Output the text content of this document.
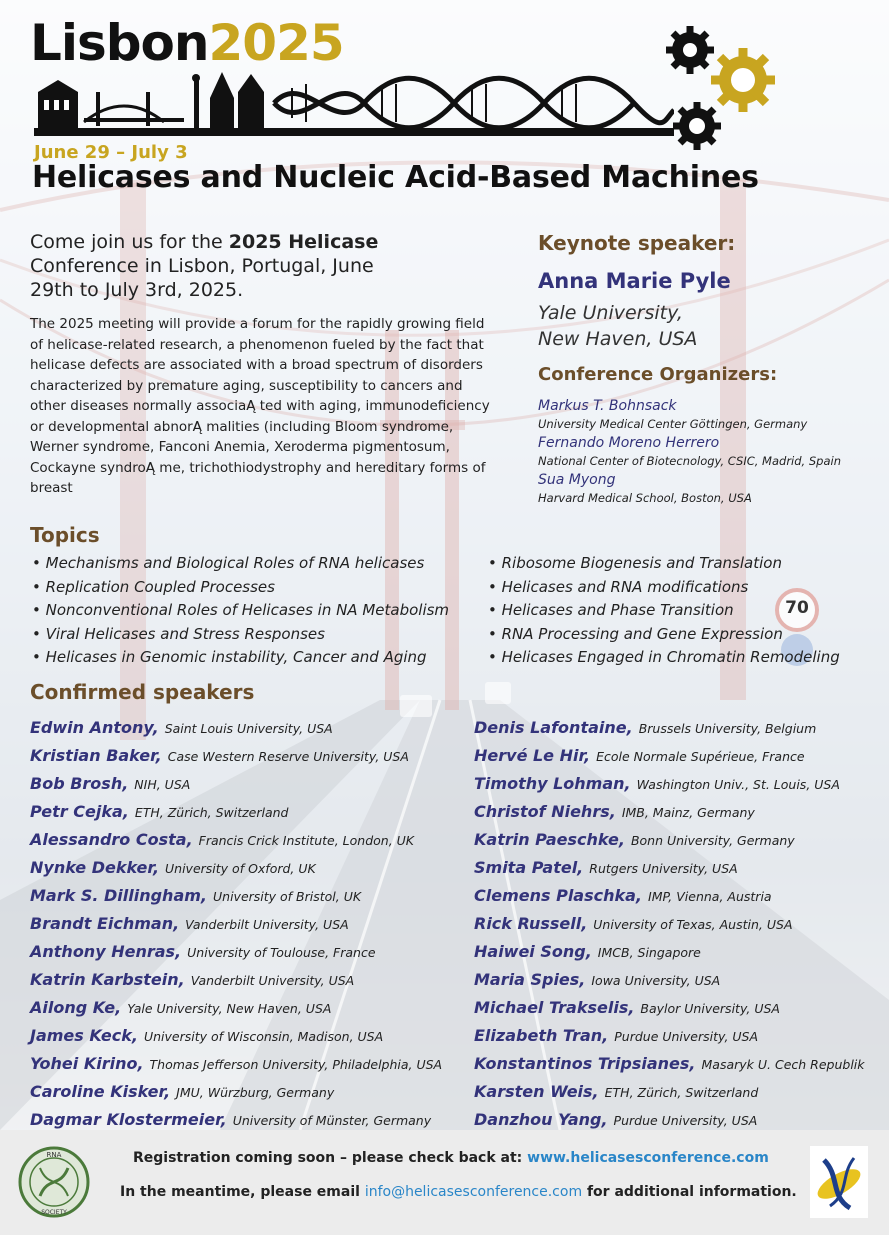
70
Lisbon2025
June 29 – July 3
Helicases and Nucleic Acid-Based Machines
Come join us for the 2025 Helicase Conference in Lisbon, Portugal, June 29th to July 3rd, 2025.
The 2025 meeting will provide a forum for the rapidly growing field of helicase-related research, a phenomenon fueled by the fact that helicase defects are associated with a broad spectrum of disorders characterized by premature aging, susceptibility to cancers and other diseases normally associaĄ ted with aging, immunodeficiency or developmental abnorĄ malities (including Bloom syndrome, Werner syndrome, Fanconi Anemia, Xeroderma pigmentosum, Cockayne syndroĄ me, trichothiodystrophy and hereditary forms of breast
Keynote speaker:
Anna Marie Pyle
Yale University,
New Haven, USA
Conference Organizers:
Markus T. Bohnsack
University Medical Center Göttingen, Germany
Fernando Moreno Herrero
National Center of Biotecnology, CSIC, Madrid, Spain
Sua Myong
Harvard Medical School, Boston, USA
Topics
• Mechanisms and Biological Roles of RNA helicases
• Replication Coupled Processes
• Nonconventional Roles of Helicases in NA Metabolism
• Viral Helicases and Stress Responses
• Helicases in Genomic instability, Cancer and Aging
• Ribosome Biogenesis and Translation
• Helicases and RNA modifications
• Helicases and Phase Transition
• RNA Processing and Gene Expression
• Helicases Engaged in Chromatin Remodeling
Confirmed speakers
Edwin Antony, Saint Louis University, USA
Kristian Baker, Case Western Reserve University, USA
Bob Brosh, NIH, USA
Petr Cejka, ETH, Zürich, Switzerland
Alessandro Costa, Francis Crick Institute, London, UK
Nynke Dekker, University of Oxford, UK
Mark S. Dillingham, University of Bristol, UK
Brandt Eichman, Vanderbilt University, USA
Anthony Henras, University of Toulouse, France
Katrin Karbstein, Vanderbilt University, USA
Ailong Ke, Yale University, New Haven, USA
James Keck, University of Wisconsin, Madison, USA
Yohei Kirino, Thomas Jefferson University, Philadelphia, USA
Caroline Kisker, JMU, Würzburg, Germany
Dagmar Klostermeier, University of Münster, Germany
Denis Lafontaine, Brussels University, Belgium
Hervé Le Hir, Ecole Normale Supérieue, France
Timothy Lohman, Washington Univ., St. Louis, USA
Christof Niehrs, IMB, Mainz, Germany
Katrin Paeschke, Bonn University, Germany
Smita Patel, Rutgers University, USA
Clemens Plaschka, IMP, Vienna, Austria
Rick Russell, University of Texas, Austin, USA
Haiwei Song, IMCB, Singapore
Maria Spies, Iowa University, USA
Michael Trakselis, Baylor University, USA
Elizabeth Tran, Purdue University, USA
Konstantinos Tripsianes, Masaryk U. Cech Republik
Karsten Weis, ETH, Zürich, Switzerland
Danzhou Yang, Purdue University, USA
RNA
SOCIETY
Registration coming soon – please check back at: www.helicasesconference.com
In the meantime, please email info@helicasesconference.com for additional information.
